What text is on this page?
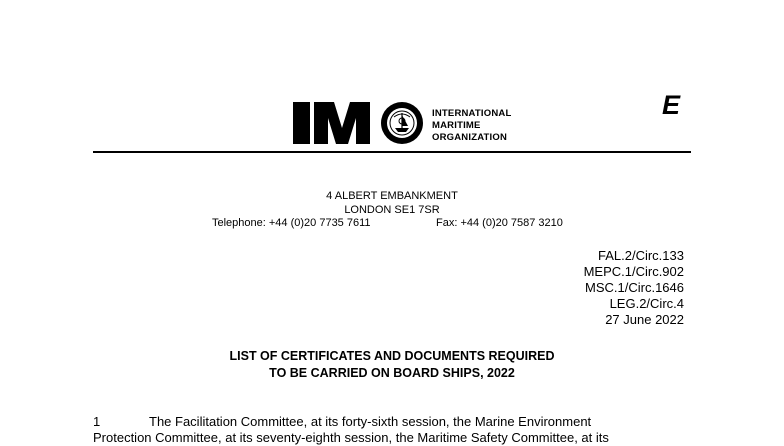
INTERNATIONAL
MARITIME
ORGANIZATION
E
4 ALBERT EMBANKMENT
LONDON SE1 7SR
Telephone: +44 (0)20 7735 7611	Fax: +44 (0)20 7587 3210
FAL.2/Circ.133
MEPC.1/Circ.902
MSC.1/Circ.1646
LEG.2/Circ.4
27 June 2022
LIST OF CERTIFICATES AND DOCUMENTS REQUIRED
TO BE CARRIED ON BOARD SHIPS, 2022
1	The Facilitation Committee, at its forty-sixth session, the Marine Environment
Protection Committee, at its seventy-eighth session, the Maritime Safety Committee, at its
